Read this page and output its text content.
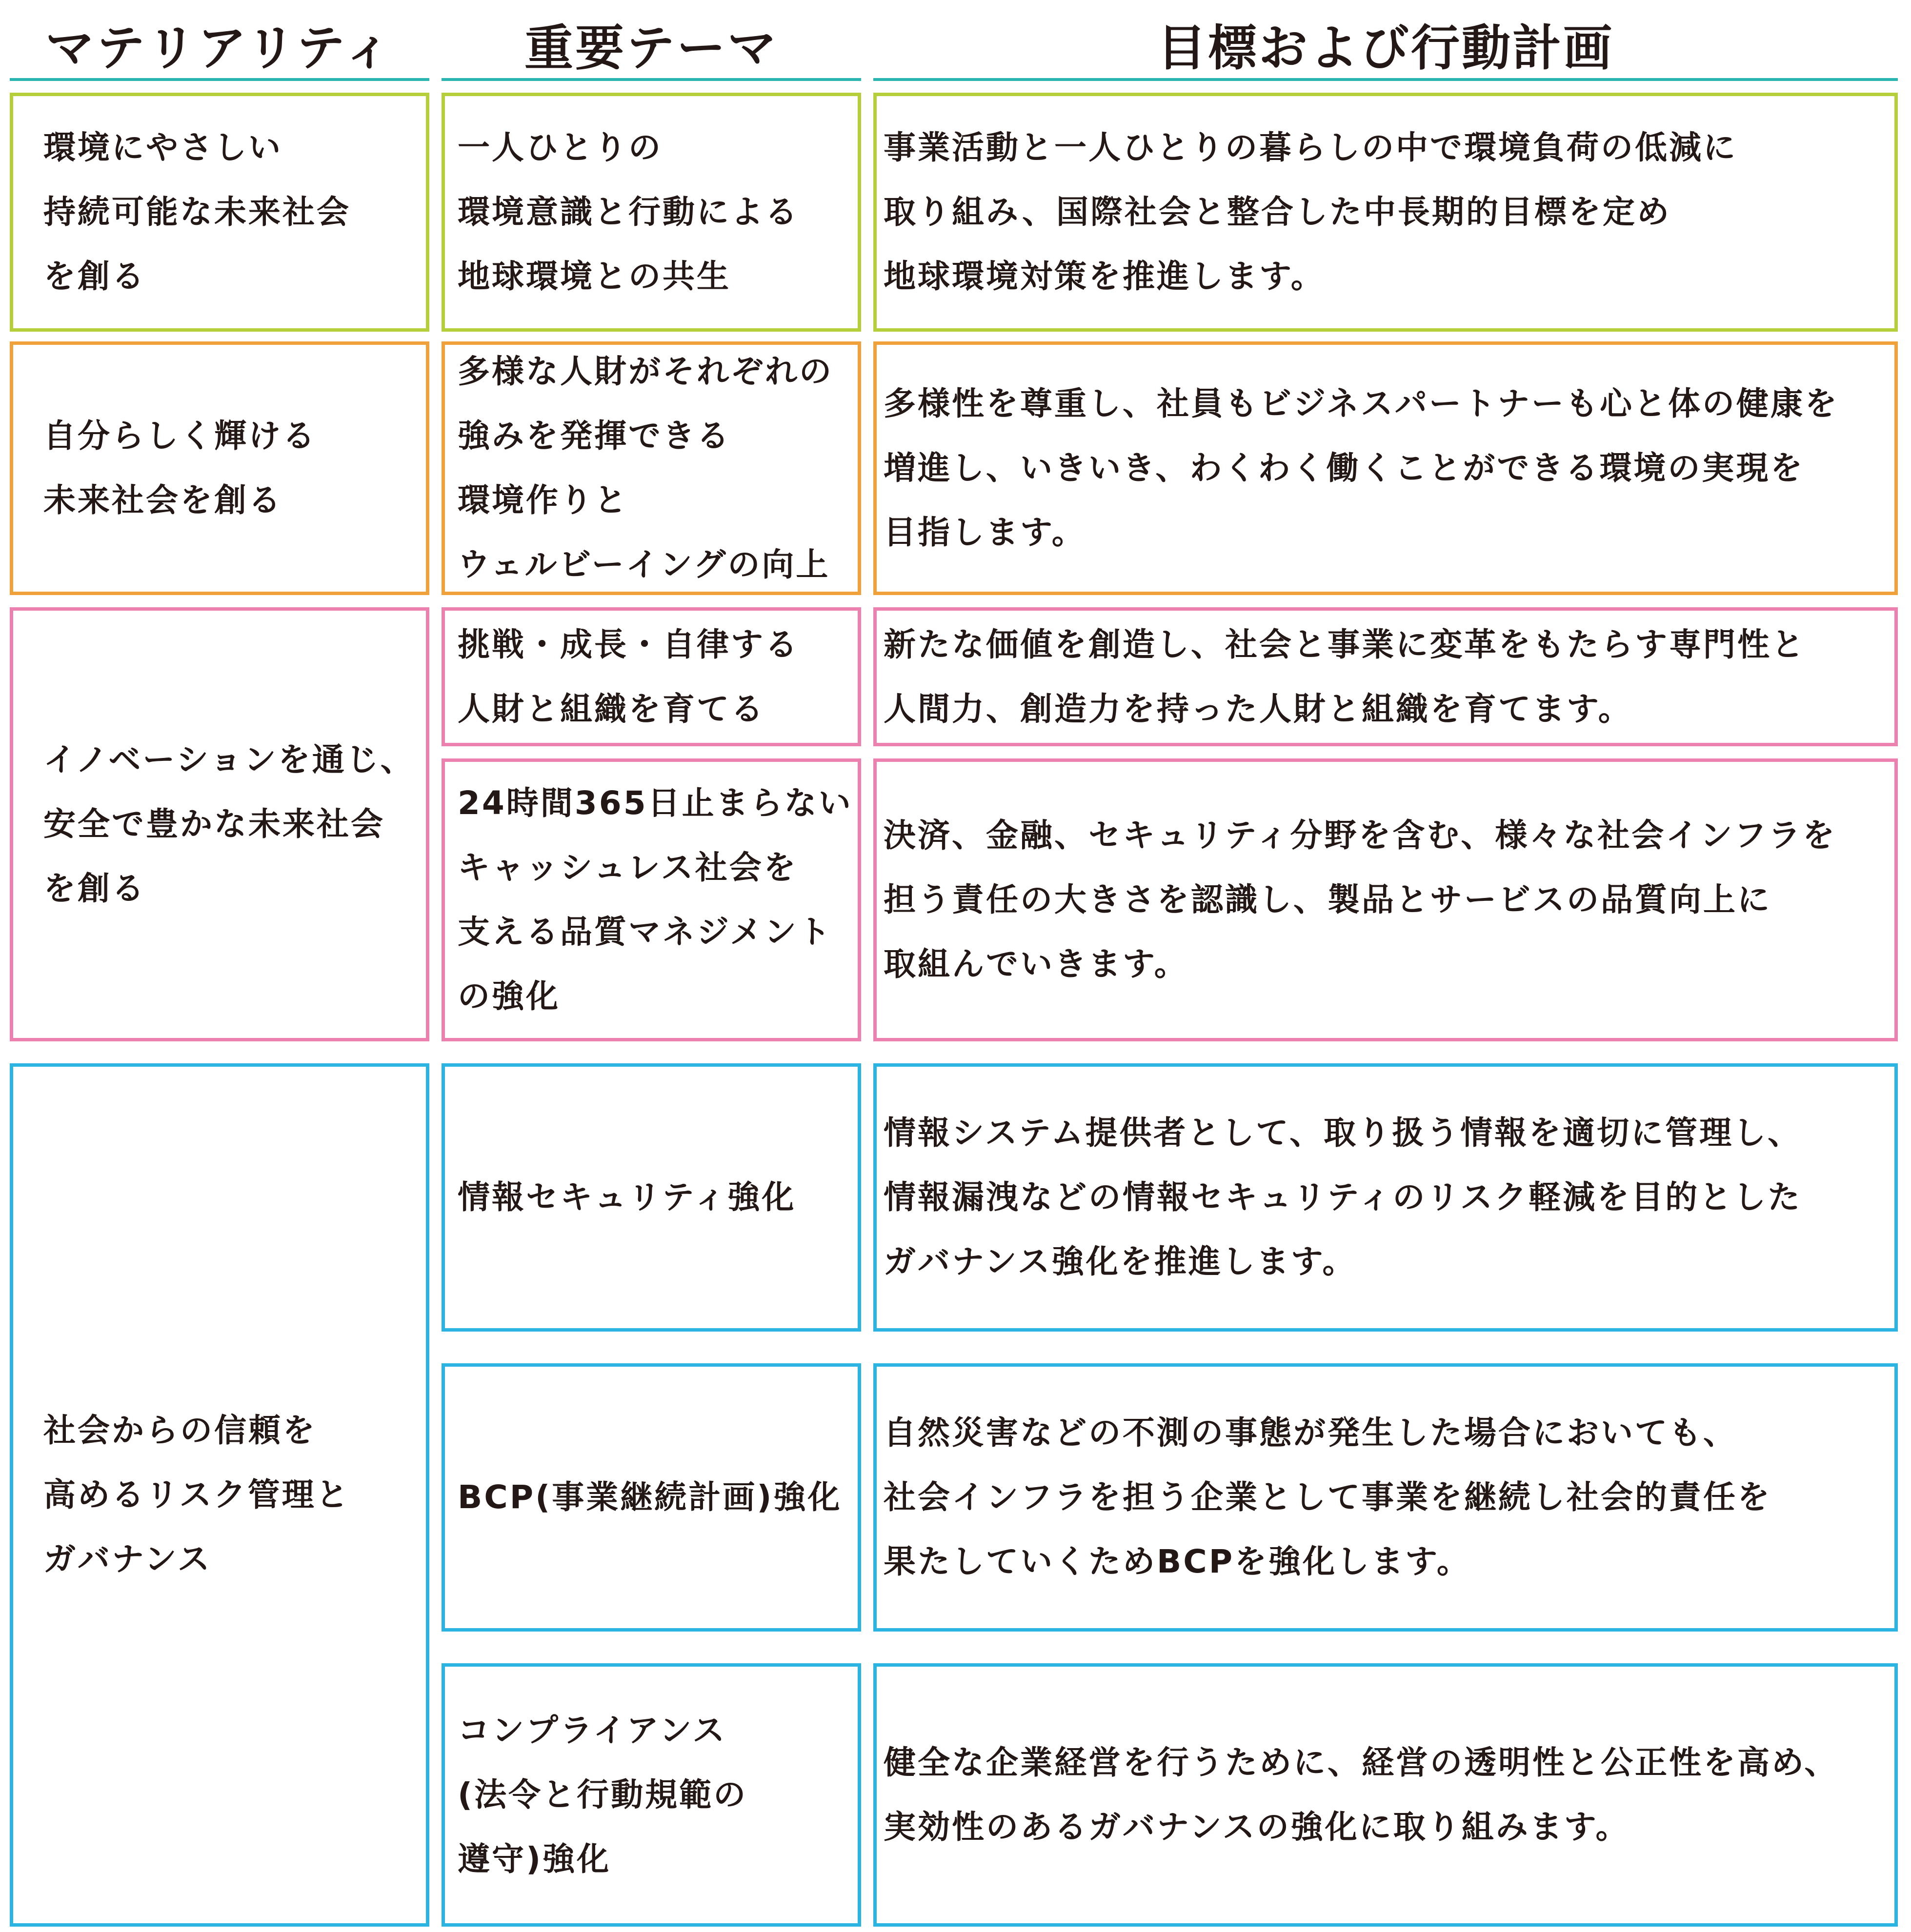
マテリアリティ	重要テーマ	目標および行動計画
環境にやさしい
持続可能な未来社会
を創る
一人ひとりの
環境意識と行動による
地球環境との共生
事業活動と一人ひとりの暮らしの中で環境負荷の低減に
取り組み、国際社会と整合した中長期的目標を定め
地球環境対策を推進します。
自分らしく輝ける
未来社会を創る
多様な人財がそれぞれの
強みを発揮できる
環境作りと
ウェルビーイングの向上
多様性を尊重し、社員もビジネスパートナーも心と体の健康を
増進し、いきいき、わくわく働くことができる環境の実現を
目指します。
イノベーションを通じ、
安全で豊かな未来社会
を創る
挑戦・成長・自律する
人財と組織を育てる
新たな価値を創造し、社会と事業に変革をもたらす専門性と
人間力、創造力を持った人財と組織を育てます。
24時間365日止まらない
キャッシュレス社会を
支える品質マネジメント
の強化
決済、金融、セキュリティ分野を含む、様々な社会インフラを
担う責任の大きさを認識し、製品とサービスの品質向上に
取組んでいきます。
社会からの信頼を
高めるリスク管理と
ガバナンス
情報セキュリティ強化
情報システム提供者として、取り扱う情報を適切に管理し、
情報漏洩などの情報セキュリティのリスク軽減を目的とした
ガバナンス強化を推進します。
BCP(事業継続計画)強化
自然災害などの不測の事態が発生した場合においても、
社会インフラを担う企業として事業を継続し社会的責任を
果たしていくためBCPを強化します。
コンプライアンス
(法令と行動規範の
遵守)強化
健全な企業経営を行うために、経営の透明性と公正性を高め、
実効性のあるガバナンスの強化に取り組みます。
